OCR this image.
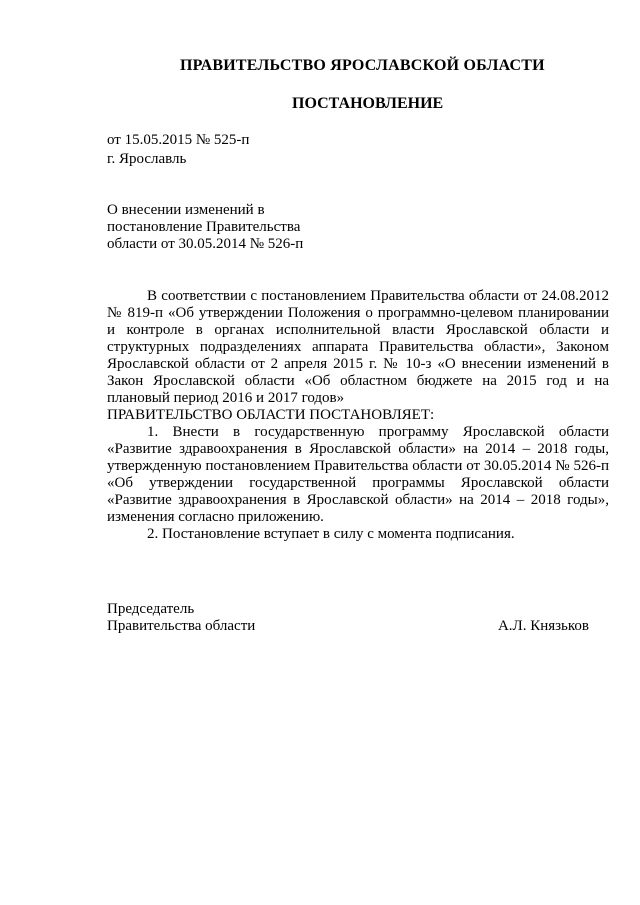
ПРАВИТЕЛЬСТВО ЯРОСЛАВСКОЙ ОБЛАСТИ
ПОСТАНОВЛЕНИЕ
от 15.05.2015 № 525-п
г. Ярославль
О внесении изменений в
постановление Правительства
области от 30.05.2014 № 526-п

В соответствии с постановлением Правительства области от 24.08.2012 № 819-п «Об утверждении Положения о программно-целевом планировании и контроле в органах исполнительной власти Ярославской области и структурных подразделениях аппарата Правительства области», Законом Ярославской области от 2 апреля 2015 г. № 10-з «О внесении изменений в Закон Ярославской области «Об областном бюджете на 2015 год и на плановый период 2016 и 2017 годов»

ПРАВИТЕЛЬСТВО ОБЛАСТИ ПОСТАНОВЛЯЕТ:

1. Внести в государственную программу Ярославской области «Развитие здравоохранения в Ярославской области» на 2014 – 2018 годы, утвержденную постановлением Правительства области от 30.05.2014 № 526-п «Об утверждении государственной программы Ярославской области «Развитие здравоохранения в Ярославской области» на 2014 – 2018 годы», изменения согласно приложению.

2. Постановление вступает в силу с момента подписания.

Председатель
Правительства области	А.Л. Князьков
